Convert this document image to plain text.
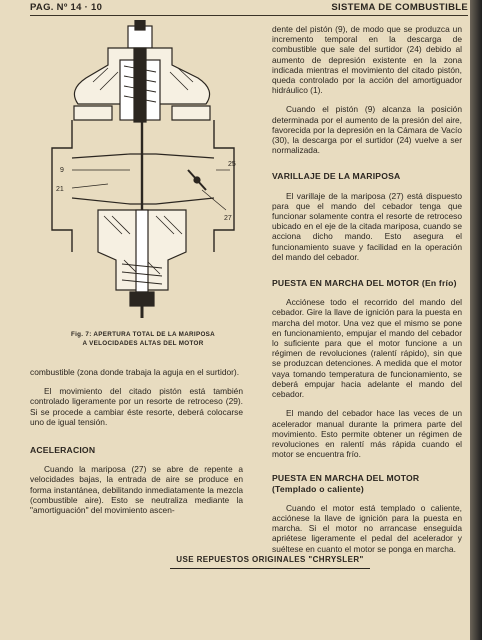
PAG. Nº 14 · 10	SISTEMA DE COMBUSTIBLE
9
21
25
27
Fig. 7: APERTURA TOTAL DE LA MARIPOSA
A VELOCIDADES ALTAS DEL MOTOR

combustible (zona donde trabaja la aguja en el surtidor).

El movimiento del citado pistón está también controlado ligeramente por un resorte de retroceso (29). Si se procede a cambiar éste resorte, deberá colocarse uno de igual tensión.

ACELERACION

Cuando la mariposa (27) se abre de repente a velocidades bajas, la entrada de aire se produce en forma instantánea, debilitando inmediatamente la mezcla (combustible aire). Esto se neutraliza mediante la "amortiguación" del movimiento ascen-

dente del pistón (9), de modo que se produzca un incremento temporal en la descarga de combustible que sale del surtidor (24) debido al aumento de depresión existente en la zona indicada mientras el movimiento del citado pistón, queda controlado por la acción del amortiguador hidráulico (1).

Cuando el pistón (9) alcanza la posición determinada por el aumento de la presión del aire, favorecida por la depresión en la Cámara de Vacío (30), la descarga por el surtidor (24) vuelve a ser normalizada.

VARILLAJE DE LA MARIPOSA

El varillaje de la mariposa (27) está dispuesto para que el mando del cebador tenga que funcionar solamente contra el resorte de retroceso ubicado en el eje de la citada mariposa, cuando se acciona dicho mando. Esto asegura el funcionamiento suave y facilidad en la operación del mando del cebador.

PUESTA EN MARCHA DEL MOTOR (En frío)

Acciónese todo el recorrido del mando del cebador. Gire la llave de ignición para la puesta en marcha del motor. Una vez que el mismo se pone en funcionamiento, empujar el mando del cebador lo suficiente para que el motor funcione a un régimen de revoluciones (ralentí rápido), sin que se produzcan detenciones. A medida que el motor vaya tomando temperatura de funcionamiento, se deberá empujar hacia adelante el mando del cebador.

El mando del cebador hace las veces de un acelerador manual durante la primera parte del movimiento. Esto permite obtener un régimen de revoluciones en ralentí más rápida cuando el motor se encuentra frío.

PUESTA EN MARCHA DEL MOTOR (Templado o caliente)

Cuando el motor está templado o caliente, acciónese la llave de ignición para la puesta en marcha. Si el motor no arrancase enseguida apriétese ligeramente el pedal del acelerador y suéltese en cuanto el motor se ponga en marcha.

USE REPUESTOS ORIGINALES "CHRYSLER"
